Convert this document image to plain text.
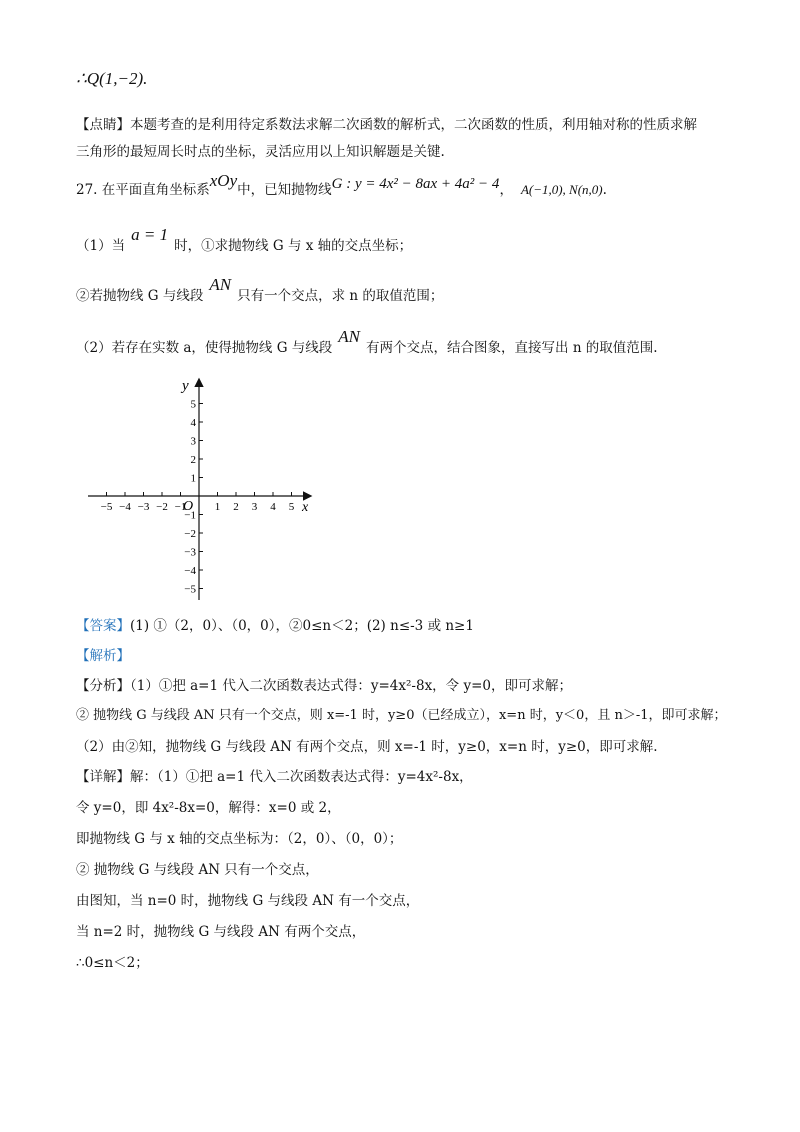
∴Q(1,−2).
【点睛】本题考查的是利用待定系数法求解二次函数的解析式，二次函数的性质，利用轴对称的性质求解
三角形的最短周长时点的坐标，灵活应用以上知识解题是关键.
27. 在平面直角坐标系xOy中，已知抛物线G : y = 4x² − 8ax + 4a² − 4， A(−1,0), N(n,0).
（1）当a = 1时，①求抛物线 G 与 x 轴的交点坐标；
②若抛物线 G 与线段AN只有一个交点，求 n 的取值范围；
（2）若存在实数 a，使得抛物线 G 与线段AN有两个交点，结合图象，直接写出 n 的取值范围.
−5 −4 −3 −2 −1	1 2 3 4 5
5
4
3
2
1
−1
−2
−3
−4
−5
x
y
O
【答案】(1) ①（2，0）、（0，0），②0≤n＜2；(2) n≤-3 或 n≥1
【解析】
【分析】（1）①把 a=1 代入二次函数表达式得：y=4x²-8x，令 y=0，即可求解；
② 抛物线 G 与线段 AN 只有一个交点，则 x=-1 时，y≥0（已经成立），x=n 时，y＜0，且 n＞-1，即可求解；
（2）由②知，抛物线 G 与线段 AN 有两个交点，则 x=-1 时，y≥0，x=n 时，y≥0，即可求解.
【详解】解：（1）①把 a=1 代入二次函数表达式得：y=4x²-8x，
令 y=0，即 4x²-8x=0，解得：x=0 或 2，
即抛物线 G 与 x 轴的交点坐标为：（2，0）、（0，0）；
② 抛物线 G 与线段 AN 只有一个交点，
由图知，当 n=0 时，抛物线 G 与线段 AN 有一个交点，
当 n=2 时，抛物线 G 与线段 AN 有两个交点，
∴0≤n＜2；
